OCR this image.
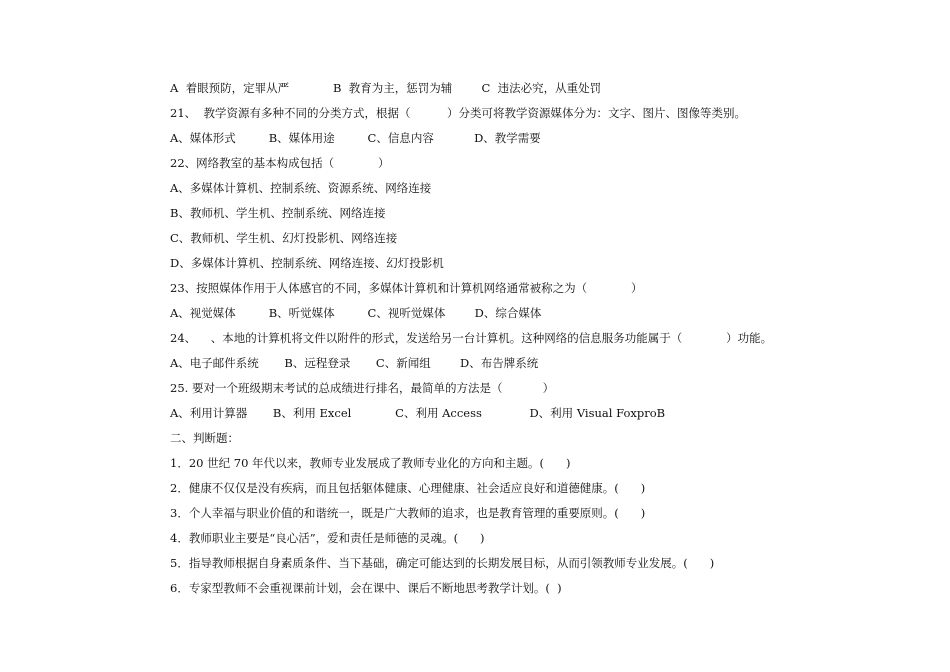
A  着眼预防，定罪从严            B  教育为主，惩罚为辅        C  违法必究，从重处罚
21、  教学资源有多种不同的分类方式，根据（          ）分类可将教学资源媒体分为：文字、图片、图像等类别。
A、媒体形式         B、媒体用途         C、信息内容           D、教学需要
22、网络教室的基本构成包括（            ）
A、多媒体计算机、控制系统、资源系统、网络连接
B、教师机、学生机、控制系统、网络连接
C、教师机、学生机、幻灯投影机、网络连接
D、多媒体计算机、控制系统、网络连接、幻灯投影机
23、按照媒体作用于人体感官的不同，多媒体计算机和计算机网络通常被称之为（            ）
A、视觉媒体         B、听觉媒体         C、视听觉媒体        D、综合媒体
24、    、本地的计算机将文件以附件的形式，发送给另一台计算机。这种网络的信息服务功能属于（            ）功能。
A、电子邮件系统       B、远程登录       C、新闻组        D、布告牌系统
25. 要对一个班级期末考试的总成绩进行排名，最简单的方法是（           ）
A、利用计算器       B、利用 Excel            C、利用 Access             D、利用 Visual FoxproB
二、判断题：
1．20 世纪 70 年代以来，教师专业发展成了教师专业化的方向和主题。(      )
2．健康不仅仅是没有疾病，而且包括躯体健康、心理健康、社会适应良好和道德健康。(      )
3．个人幸福与职业价值的和谐统一，既是广大教师的追求，也是教育管理的重要原则。(      )
4．教师职业主要是“良心活”，爱和责任是师德的灵魂。(      )
5．指导教师根据自身素质条件、当下基础，确定可能达到的长期发展目标，从而引领教师专业发展。(      )
6．专家型教师不会重视课前计划，会在课中、课后不断地思考教学计划。(  )
